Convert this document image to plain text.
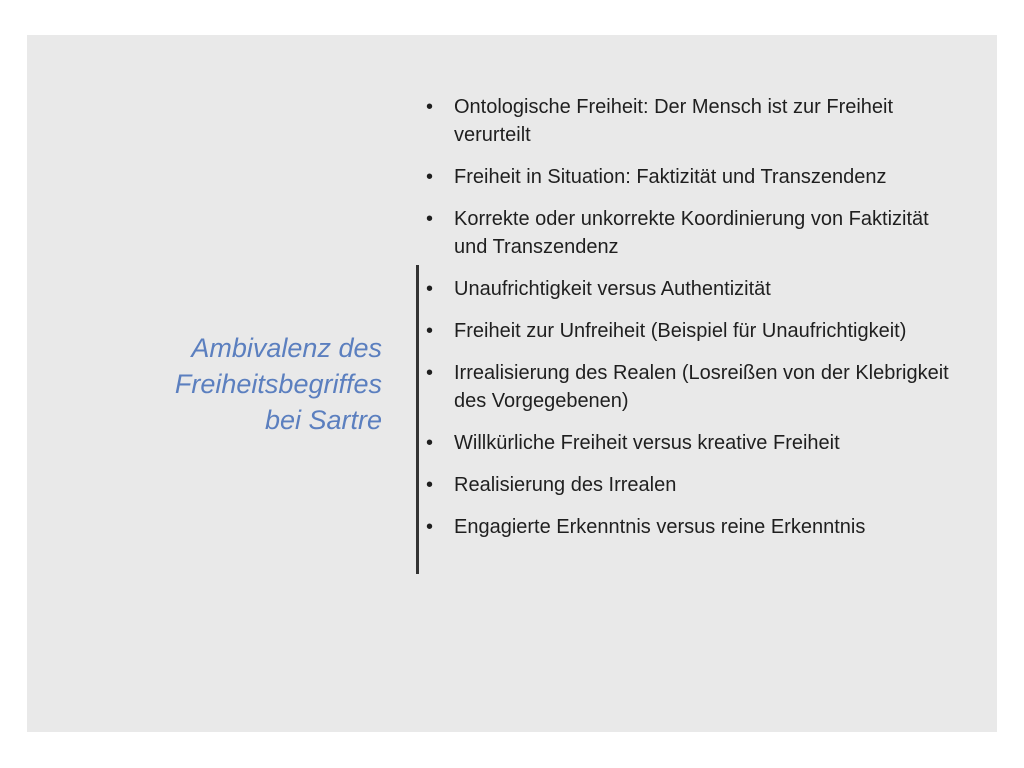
Ambivalenz des
Freiheitsbegriffes
bei Sartre
• Ontologische Freiheit: Der Mensch ist zur Freiheit verurteilt
• Freiheit in Situation: Faktizität und Transzendenz
• Korrekte oder unkorrekte Koordinierung von Faktizität und Transzendenz
• Unaufrichtigkeit versus Authentizität
• Freiheit zur Unfreiheit (Beispiel für Unaufrichtigkeit)
• Irrealisierung des Realen (Losreißen von der Klebrigkeit des Vorgegebenen)
• Willkürliche Freiheit versus kreative Freiheit
• Realisierung des Irrealen
• Engagierte Erkenntnis versus reine Erkenntnis
